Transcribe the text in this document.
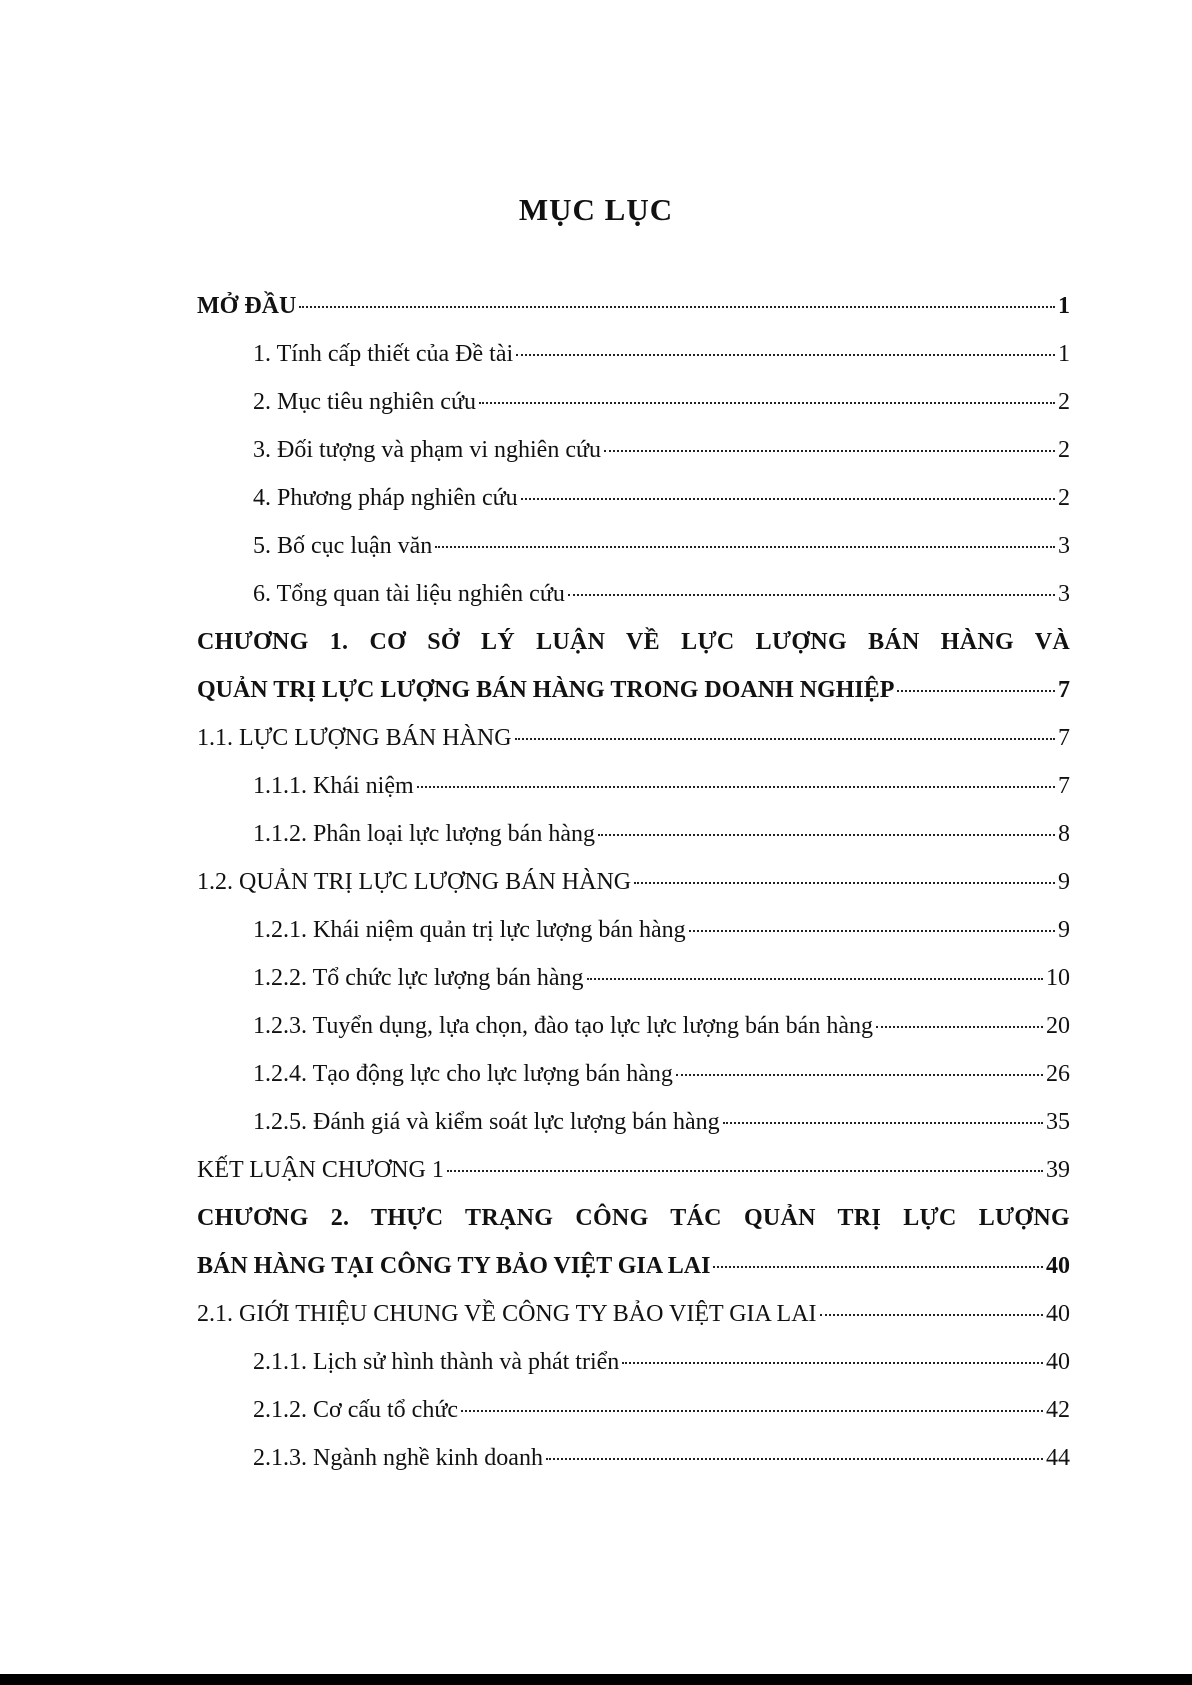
MỤC LỤC
MỞ ĐẦU	1
1. Tính cấp thiết của Đề tài	1
2. Mục tiêu nghiên cứu	2
3. Đối tượng và phạm vi nghiên cứu	2
4. Phương pháp nghiên cứu	2
5. Bố cục luận văn	3
6. Tổng quan tài liệu nghiên cứu	3
CHƯƠNG 1. CƠ SỞ LÝ LUẬN VỀ LỰC LƯỢNG BÁN HÀNG VÀ
QUẢN TRỊ LỰC LƯỢNG BÁN HÀNG TRONG DOANH NGHIỆP	7
1.1. LỰC LƯỢNG BÁN HÀNG	7
1.1.1. Khái niệm	7
1.1.2. Phân loại lực lượng bán hàng	8
1.2. QUẢN TRỊ LỰC LƯỢNG BÁN HÀNG	9
1.2.1. Khái niệm quản trị lực lượng bán hàng	9
1.2.2. Tổ chức lực lượng bán hàng	10
1.2.3. Tuyển dụng, lựa chọn, đào tạo lực lực lượng bán bán hàng	20
1.2.4. Tạo động lực cho lực lượng bán hàng	26
1.2.5. Đánh giá và kiểm soát lực lượng bán hàng	35
KẾT LUẬN CHƯƠNG 1	39
CHƯƠNG 2. THỰC TRẠNG CÔNG TÁC QUẢN TRỊ LỰC LƯỢNG
BÁN HÀNG TẠI CÔNG TY BẢO VIỆT GIA LAI	40
2.1. GIỚI THIỆU CHUNG VỀ CÔNG TY BẢO VIỆT GIA LAI	40
2.1.1. Lịch sử hình thành và phát triển	40
2.1.2. Cơ cấu tổ chức	42
2.1.3. Ngành nghề kinh doanh	44
